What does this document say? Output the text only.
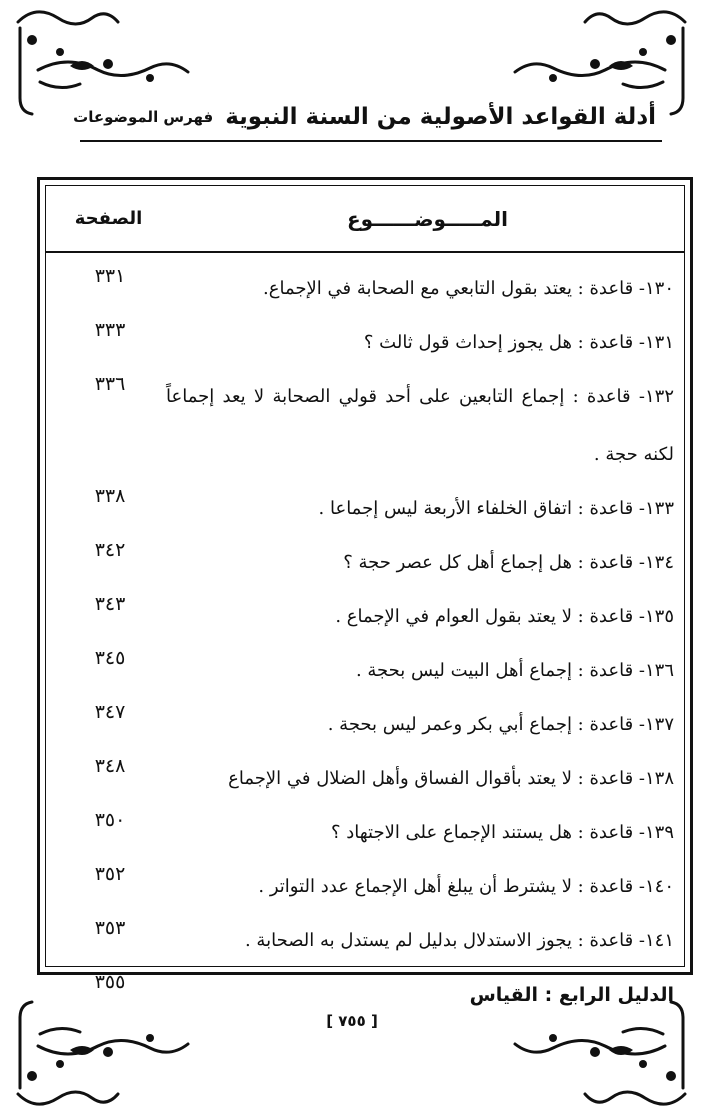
أدلة القواعد الأصولية من السنة النبوية
فهرس الموضوعات
المـــــوضــــــوع
الصفحة
١٣٠- قاعدة : يعتد بقول التابعي مع الصحابة في الإجماع.
٣٣١
١٣١- قاعدة : هل يجوز إحداث قول ثالث ؟
٣٣٣
١٣٢- قاعدة : إجماع التابعين على أحد قولي الصحابة لا يعد إجماعاً لكنه حجة .
٣٣٦
١٣٣- قاعدة : اتفاق الخلفاء الأربعة ليس إجماعا .
٣٣٨
١٣٤- قاعدة : هل إجماع أهل كل عصر حجة ؟
٣٤٢
١٣٥- قاعدة : لا يعتد بقول العوام في الإجماع .
٣٤٣
١٣٦- قاعدة : إجماع أهل البيت ليس بحجة .
٣٤٥
١٣٧- قاعدة : إجماع أبي بكر وعمر ليس بحجة .
٣٤٧
١٣٨- قاعدة : لا يعتد بأقوال الفساق وأهل الضلال في الإجماع
٣٤٨
١٣٩- قاعدة : هل يستند الإجماع على الاجتهاد ؟
٣٥٠
١٤٠- قاعدة : لا يشترط أن يبلغ أهل الإجماع عدد التواتر .
٣٥٢
١٤١- قاعدة : يجوز الاستدلال بدليل لم يستدل به الصحابة .
٣٥٣
الدليل الرابع : القياس
٣٥٥
[ ٧٥٥ ]
